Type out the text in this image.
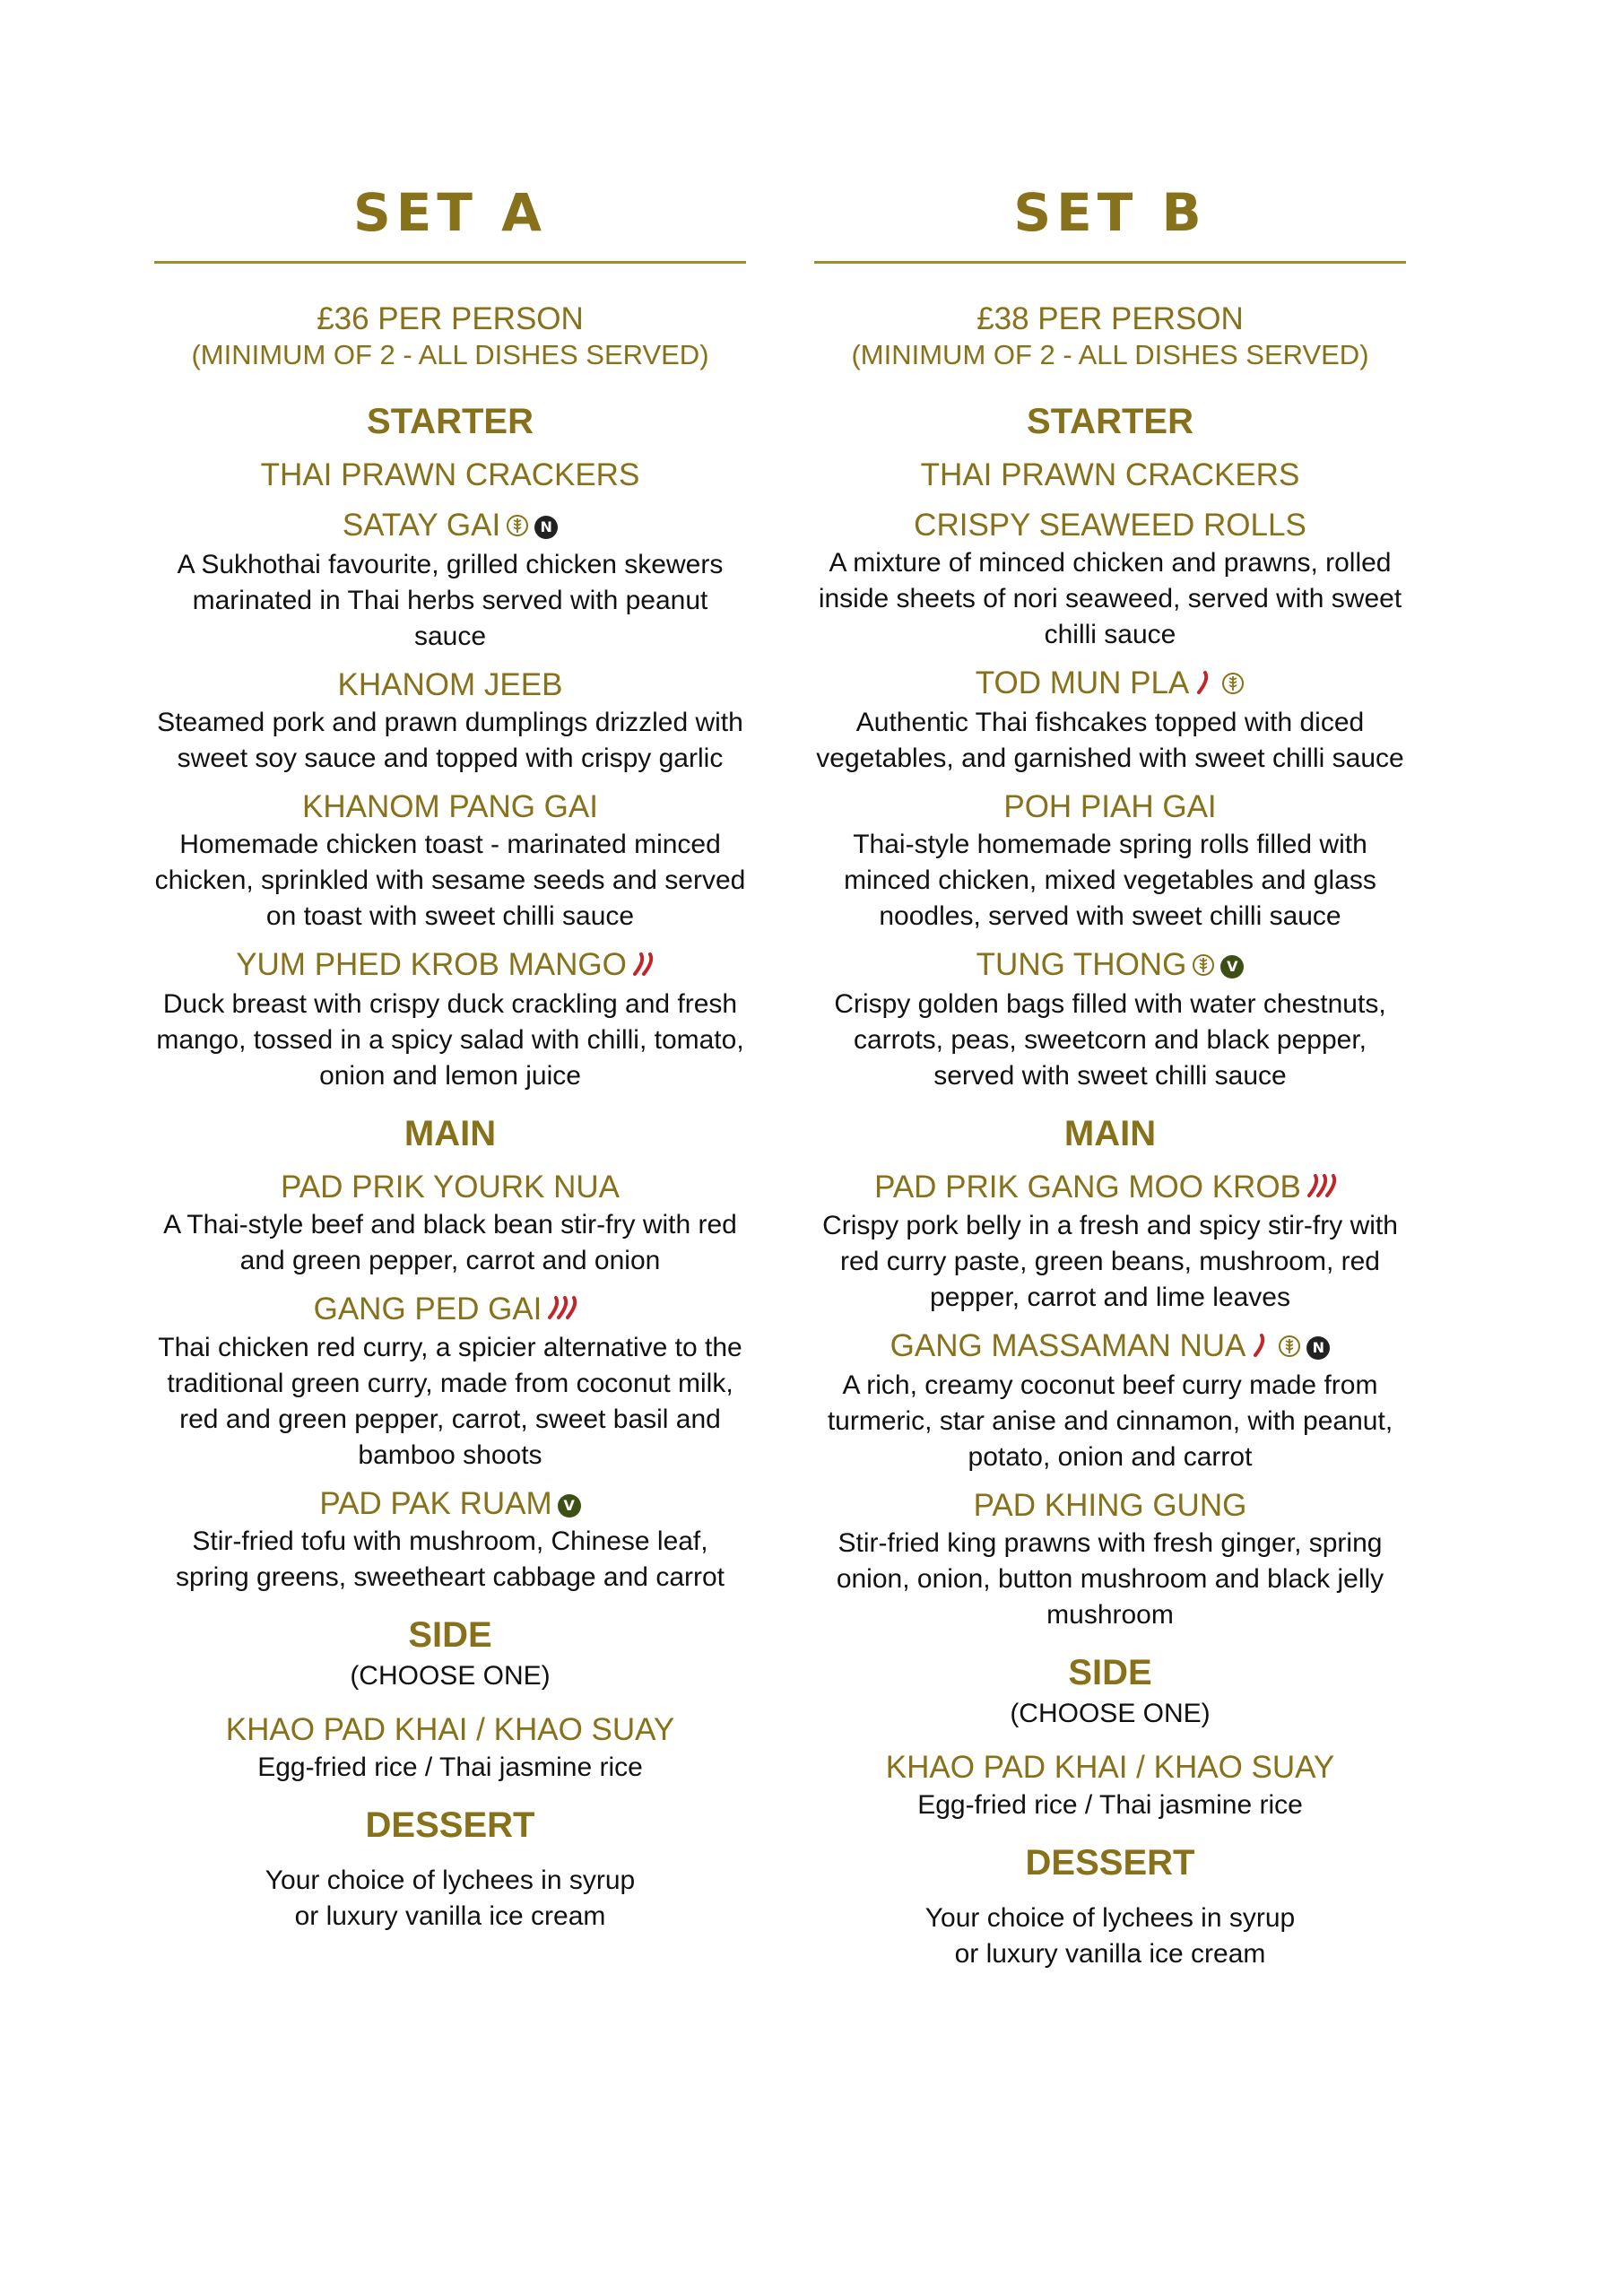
SET A

£36 PER PERSON

(MINIMUM OF 2 - ALL DISHES SERVED)

STARTER
THAI PRAWN CRACKERS
SATAY GAI	N

A Sukhothai favourite, grilled chicken skewers marinated in Thai herbs served with peanut sauce

KHANOM JEEB

Steamed pork and prawn dumplings drizzled with sweet soy sauce and topped with crispy garlic

KHANOM PANG GAI

Homemade chicken toast - marinated minced chicken, sprinkled with sesame seeds and served on toast with sweet chilli sauce

YUM PHED KROB MANGO

Duck breast with crispy duck crackling and fresh mango, tossed in a spicy salad with chilli, tomato, onion and lemon juice

MAIN
PAD PRIK YOURK NUA

A Thai-style beef and black bean stir-fry with red and green pepper, carrot and onion

GANG PED GAI

Thai chicken red curry, a spicier alternative to the traditional green curry, made from coconut milk, red and green pepper, carrot, sweet basil and bamboo shoots

PAD PAK RUAM V

Stir-fried tofu with mushroom, Chinese leaf, spring greens, sweetheart cabbage and carrot

SIDE

(CHOOSE ONE)

KHAO PAD KHAI / KHAO SUAY

Egg-fried rice / Thai jasmine rice

DESSERT

Your choice of lychees in syrup or luxury vanilla ice cream

SET B

£38 PER PERSON

(MINIMUM OF 2 - ALL DISHES SERVED)

STARTER
THAI PRAWN CRACKERS
CRISPY SEAWEED ROLLS

A mixture of minced chicken and prawns, rolled inside sheets of nori seaweed, served with sweet chilli sauce

TOD MUN PLA

Authentic Thai fishcakes topped with diced vegetables, and garnished with sweet chilli sauce

POH PIAH GAI

Thai-style homemade spring rolls filled with minced chicken, mixed vegetables and glass noodles, served with sweet chilli sauce

TUNG THONG	V

Crispy golden bags filled with water chestnuts, carrots, peas, sweetcorn and black pepper, served with sweet chilli sauce

MAIN
PAD PRIK GANG MOO KROB

Crispy pork belly in a fresh and spicy stir-fry with red curry paste, green beans, mushroom, red pepper, carrot and lime leaves

GANG MASSAMAN NUA	N

A rich, creamy coconut beef curry made from turmeric, star anise and cinnamon, with peanut, potato, onion and carrot

PAD KHING GUNG

Stir-fried king prawns with fresh ginger, spring onion, onion, button mushroom and black jelly mushroom

SIDE

(CHOOSE ONE)

KHAO PAD KHAI / KHAO SUAY

Egg-fried rice / Thai jasmine rice

DESSERT

Your choice of lychees in syrup or luxury vanilla ice cream
